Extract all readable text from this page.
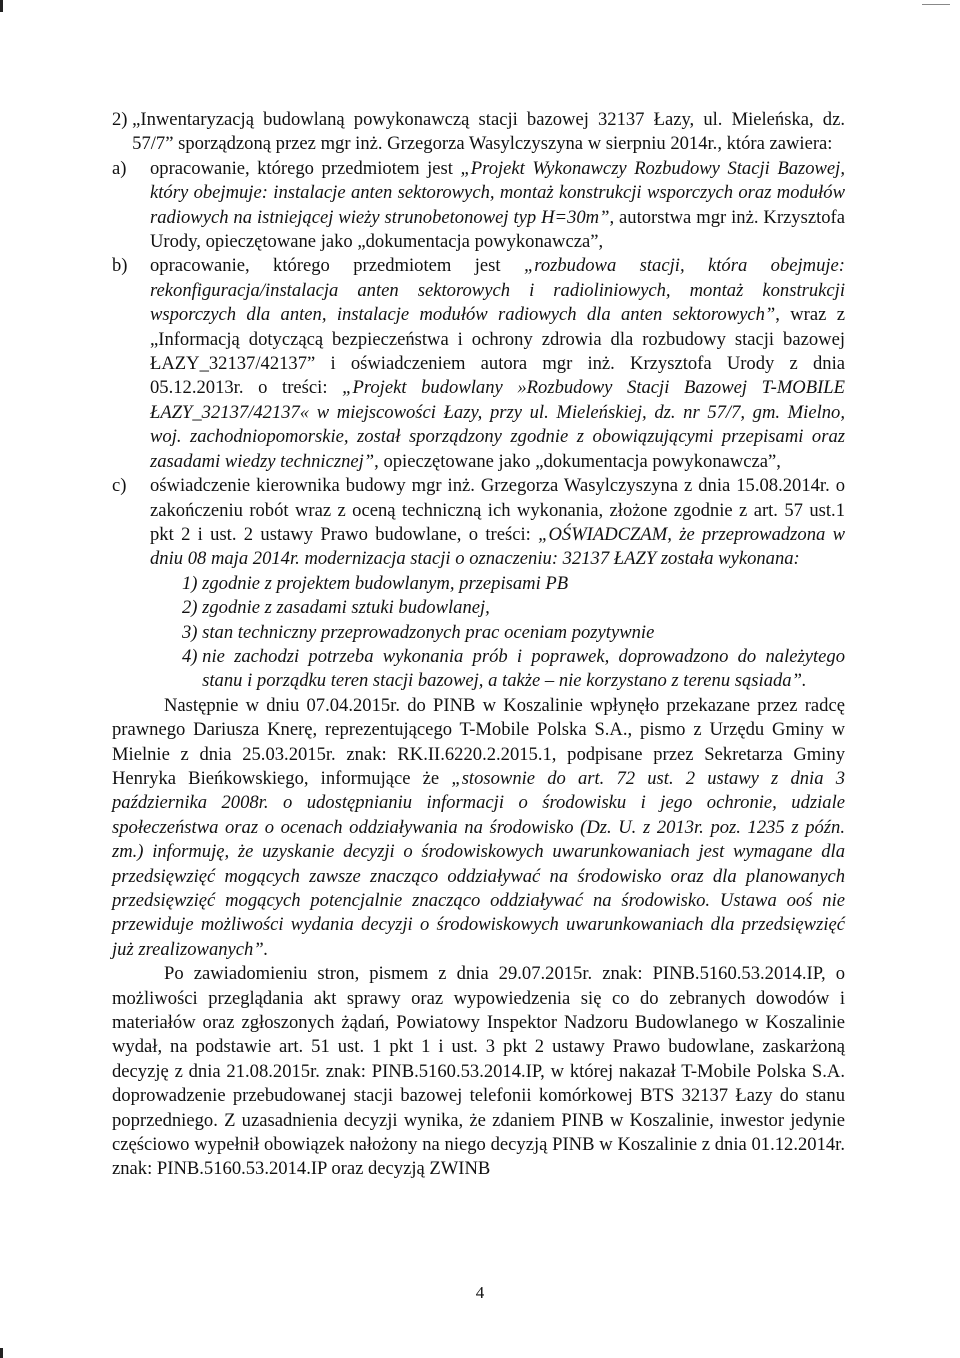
2) „Inwentaryzacją budowlaną powykonawczą stacji bazowej 32137 Łazy, ul. Mieleńska, dz. 57/7” sporządzoną przez mgr inż. Grzegorza Wasylczyszyna w sierpniu 2014r., która zawiera:

a)	opracowanie, którego przedmiotem jest „Projekt Wykonawczy Rozbudowy Stacji Bazowej, który obejmuje: instalacje anten sektorowych, montaż konstrukcji wsporczych oraz modułów radiowych na istniejącej wieży strunobetonowej typ H=30m”, autorstwa mgr inż. Krzysztofa Urody, opieczętowane jako „dokumentacja powykonawcza”,

b)	opracowanie, którego przedmiotem jest „rozbudowa stacji, która obejmuje: rekonfiguracja/instalacja anten sektorowych i radioliniowych, montaż konstrukcji wsporczych dla anten, instalacje modułów radiowych dla anten sektorowych”, wraz z „Informacją dotyczącą bezpieczeństwa i ochrony zdrowia dla rozbudowy stacji bazowej ŁAZY_32137/42137” i oświadczeniem autora mgr inż. Krzysztofa Urody z dnia 05.12.2013r. o treści: „Projekt budowlany »Rozbudowy Stacji Bazowej T-MOBILE ŁAZY_32137/42137« w miejscowości Łazy, przy ul. Mieleńskiej, dz. nr 57/7, gm. Mielno, woj. zachodniopomorskie, został sporządzony zgodnie z obowiązującymi przepisami oraz zasadami wiedzy technicznej”, opieczętowane jako „dokumentacja powykonawcza”,

c)	oświadczenie kierownika budowy mgr inż. Grzegorza Wasylczyszyna z dnia 15.08.2014r. o zakończeniu robót wraz z oceną techniczną ich wykonania, złożone zgodnie z art. 57 ust.1 pkt 2 i ust. 2 ustawy Prawo budowlane, o treści: „OŚWIADCZAM, że przeprowadzona w dniu 08 maja 2014r. modernizacja stacji o oznaczeniu: 32137 ŁAZY została wykonana:

1) zgodnie z projektem budowlanym, przepisami PB
2) zgodnie z zasadami sztuki budowlanej,
3) stan techniczny przeprowadzonych prac oceniam pozytywnie
4) nie zachodzi potrzeba wykonania prób i poprawek, doprowadzono do należytego stanu i porządku teren stacji bazowej, a także – nie korzystano z terenu sąsiada”.

Następnie w dniu 07.04.2015r. do PINB w Koszalinie wpłynęło przekazane przez radcę prawnego Dariusza Knerę, reprezentującego T-Mobile Polska S.A., pismo z Urzędu Gminy w Mielnie z dnia 25.03.2015r. znak: RK.II.6220.2.2015.1, podpisane przez Sekretarza Gminy Henryka Bieńkowskiego, informujące że „stosownie do art. 72 ust. 2 ustawy z dnia 3 października 2008r. o udostępnianiu informacji o środowisku i jego ochronie, udziale społeczeństwa oraz o ocenach oddziaływania na środowisko (Dz. U. z 2013r. poz. 1235 z późn. zm.) informuję, że uzyskanie decyzji o środowiskowych uwarunkowaniach jest wymagane dla przedsięwzięć mogących zawsze znacząco oddziaływać na środowisko oraz dla planowanych przedsięwzięć mogących potencjalnie znacząco oddziaływać na środowisko. Ustawa ooś nie przewiduje możliwości wydania decyzji o środowiskowych uwarunkowaniach dla przedsięwzięć już zrealizowanych”.

Po zawiadomieniu stron, pismem z dnia 29.07.2015r. znak: PINB.5160.53.2014.IP, o możliwości przeglądania akt sprawy oraz wypowiedzenia się co do zebranych dowodów i materiałów oraz zgłoszonych żądań, Powiatowy Inspektor Nadzoru Budowlanego w Koszalinie wydał, na podstawie art. 51 ust. 1 pkt 1 i ust. 3 pkt 2 ustawy Prawo budowlane, zaskarżoną decyzję z dnia 21.08.2015r. znak: PINB.5160.53.2014.IP, w której nakazał T-Mobile Polska S.A. doprowadzenie przebudowanej stacji bazowej telefonii komórkowej BTS 32137 Łazy do stanu poprzedniego. Z uzasadnienia decyzji wynika, że zdaniem PINB w Koszalinie, inwestor jedynie częściowo wypełnił obowiązek nałożony na niego decyzją PINB w Koszalinie z dnia 01.12.2014r. znak: PINB.5160.53.2014.IP oraz decyzją ZWINB

4
